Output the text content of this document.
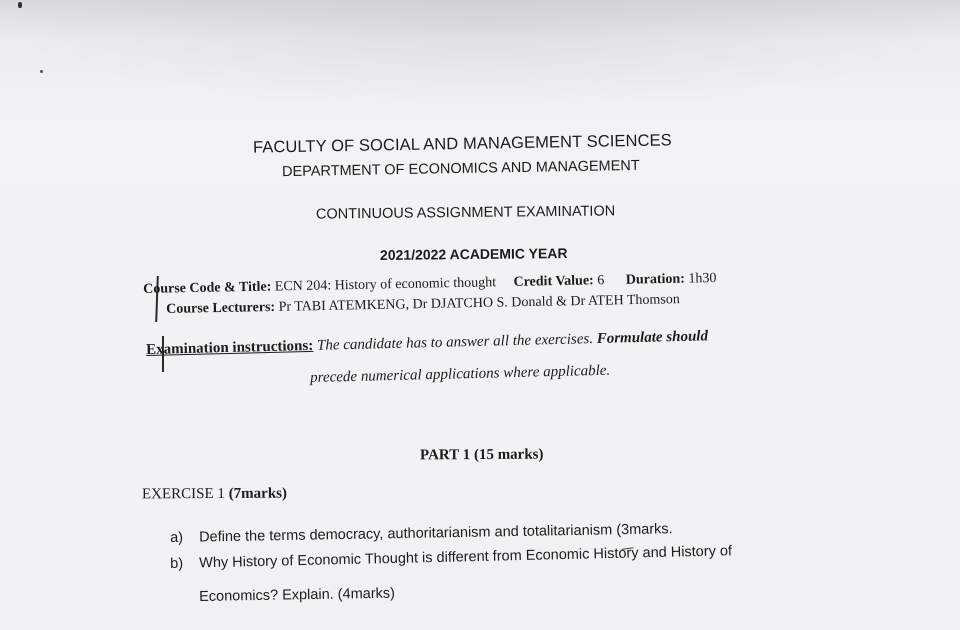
FACULTY OF SOCIAL AND MANAGEMENT SCIENCES
DEPARTMENT OF ECONOMICS AND MANAGEMENT
CONTINUOUS ASSIGNMENT EXAMINATION
2021/2022 ACADEMIC YEAR
Course Code & Title: ECN 204: History of economic thought Credit Value: 6 Duration: 1h30
Course Lecturers: Pr TABI ATEMKENG, Dr DJATCHO S. Donald & Dr ATEH Thomson
Examination instructions: The candidate has to answer all the exercises. Formulate should
precede numerical applications where applicable.
PART 1 (15 marks)
EXERCISE 1 (7marks)
a) Define the terms democracy, authoritarianism and totalitarianism (3marks.
b) Why History of Economic Thought is different from Economic History and History of
Economics? Explain. (4marks)
